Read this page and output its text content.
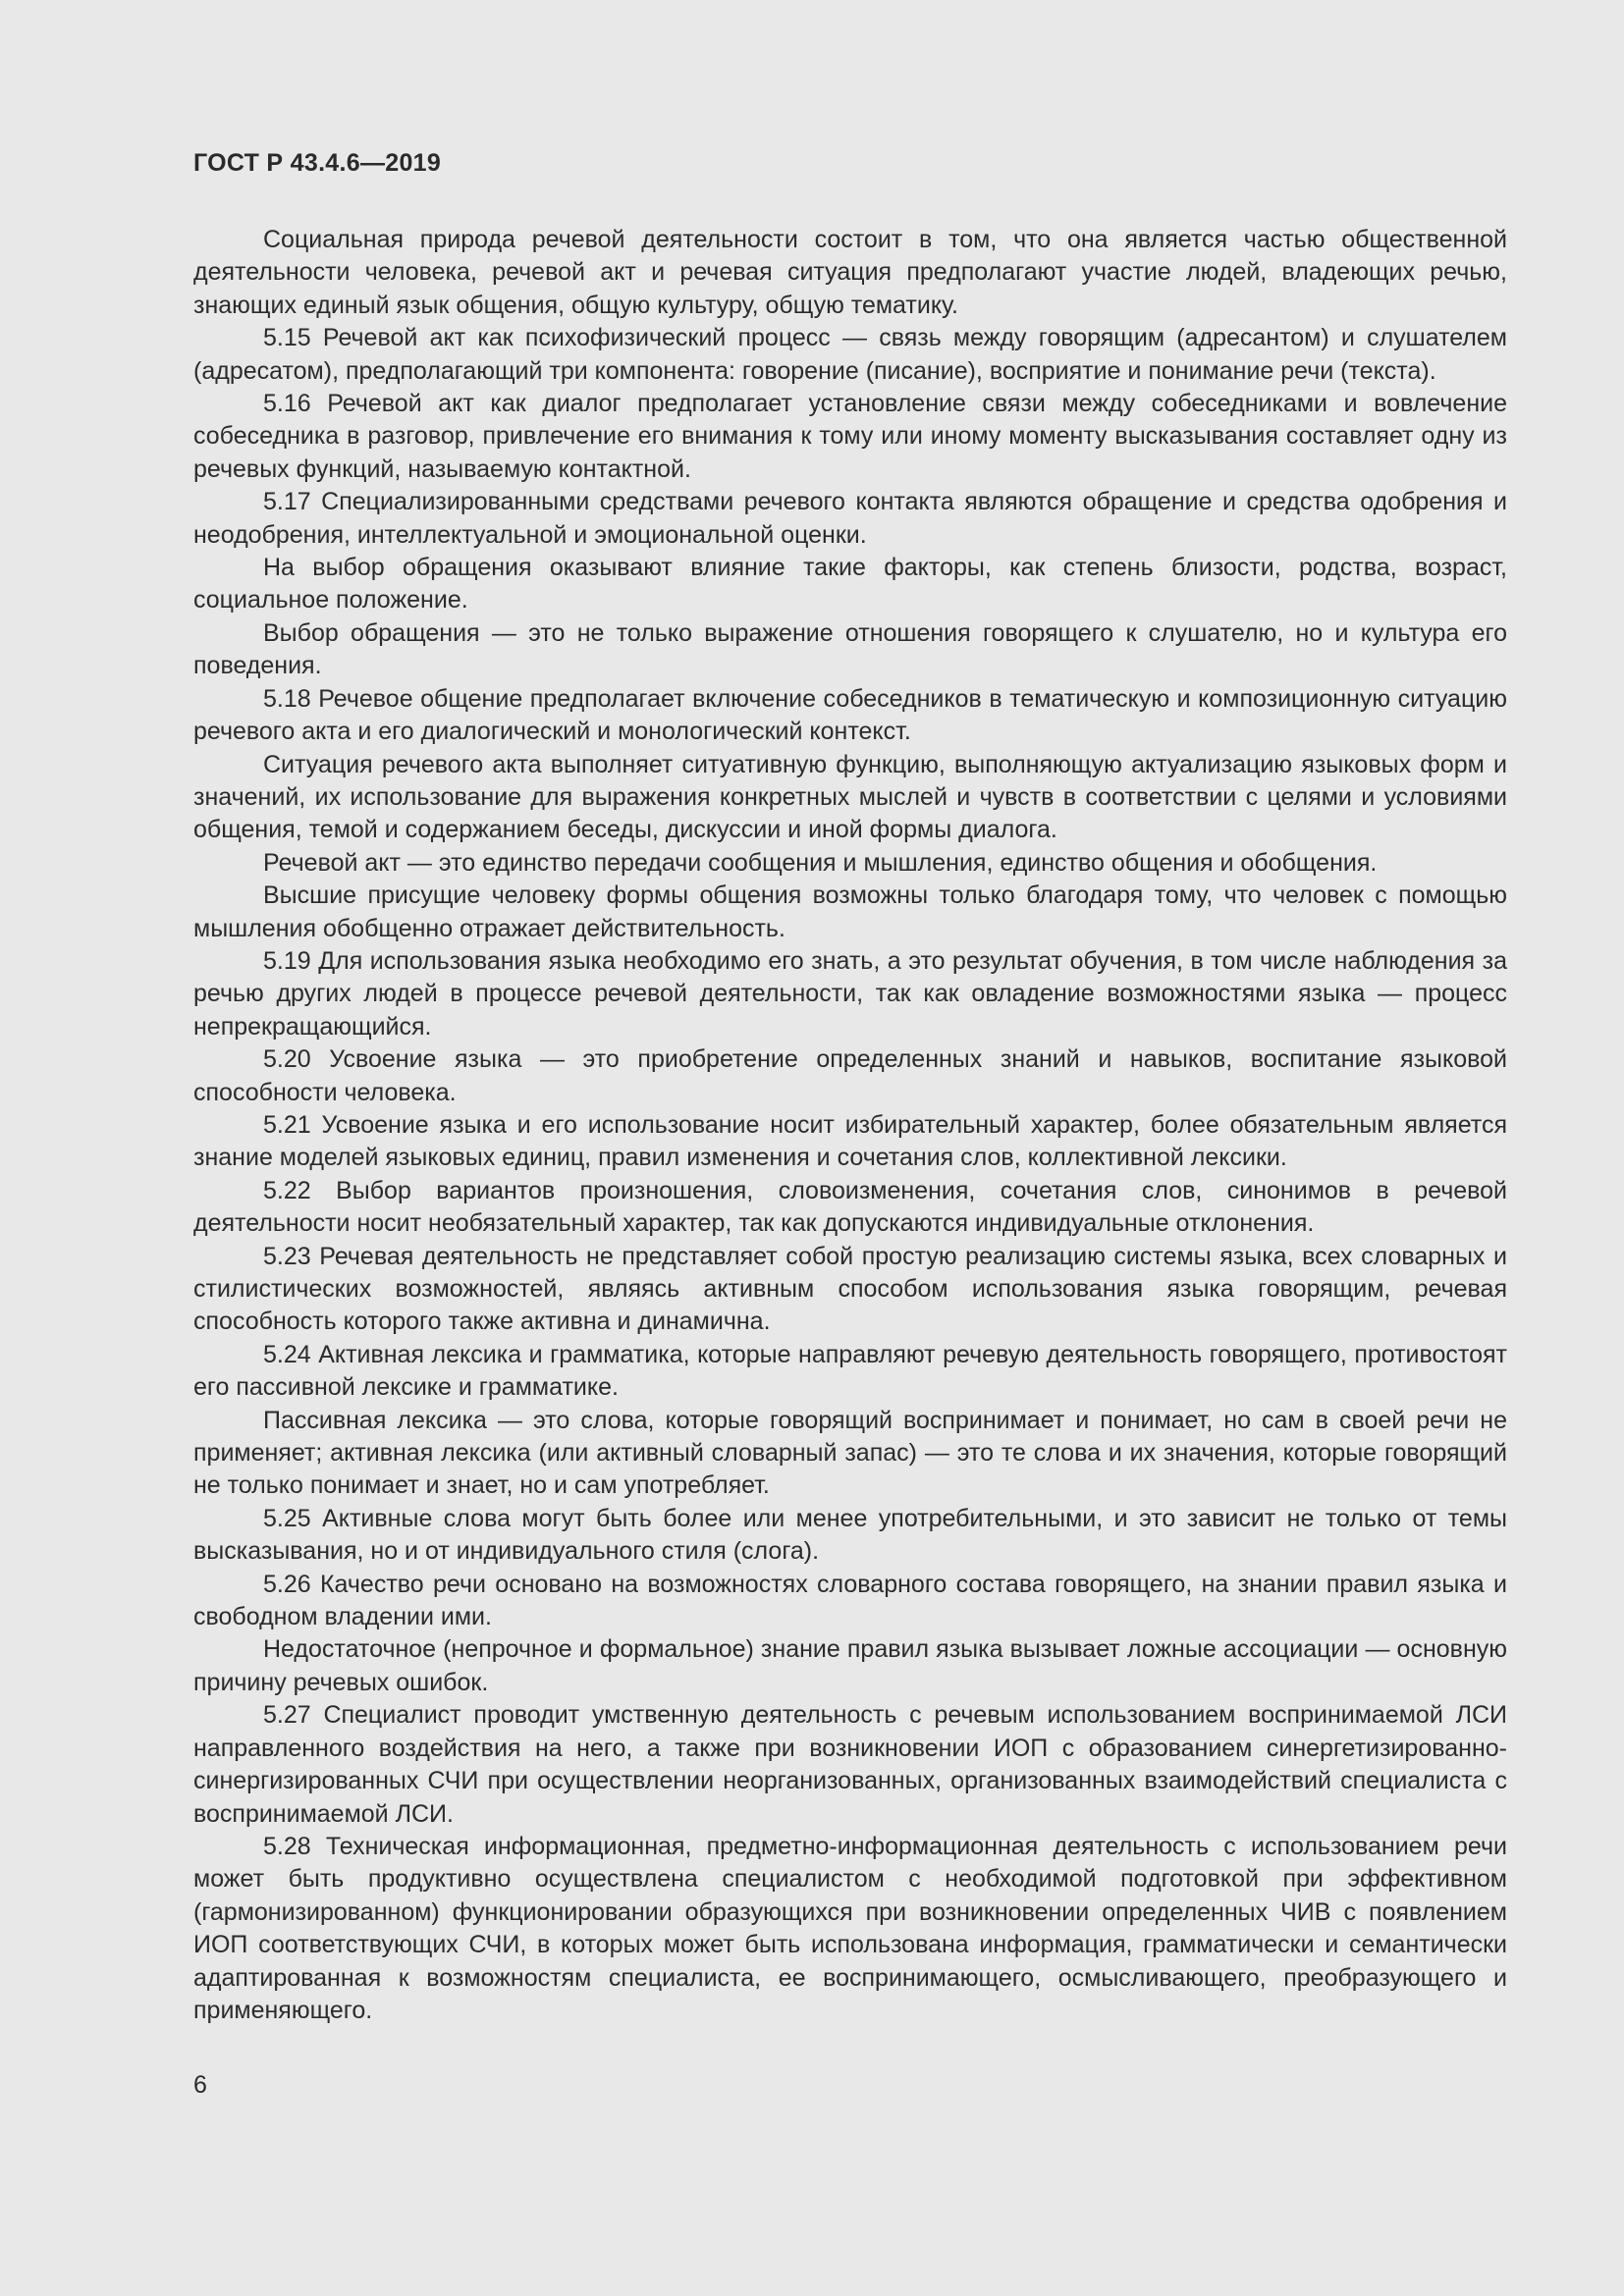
ГОСТ Р 43.4.6—2019

Социальная природа речевой деятельности состоит в том, что она является частью общественной деятельности человека, речевой акт и речевая ситуация предполагают участие людей, владеющих речью, знающих единый язык общения, общую культуру, общую тематику.

5.15 Речевой акт как психофизический процесс — связь между говорящим (адресантом) и слушателем (адресатом), предполагающий три компонента: говорение (писание), восприятие и понимание речи (текста).

5.16 Речевой акт как диалог предполагает установление связи между собеседниками и вовлечение собеседника в разговор, привлечение его внимания к тому или иному моменту высказывания составляет одну из речевых функций, называемую контактной.

5.17 Специализированными средствами речевого контакта являются обращение и средства одобрения и неодобрения, интеллектуальной и эмоциональной оценки.

На выбор обращения оказывают влияние такие факторы, как степень близости, родства, возраст, социальное положение.

Выбор обращения — это не только выражение отношения говорящего к слушателю, но и культура его поведения.

5.18 Речевое общение предполагает включение собеседников в тематическую и композиционную ситуацию речевого акта и его диалогический и монологический контекст.

Ситуация речевого акта выполняет ситуативную функцию, выполняющую актуализацию языковых форм и значений, их использование для выражения конкретных мыслей и чувств в соответствии с целями и условиями общения, темой и содержанием беседы, дискуссии и иной формы диалога.

Речевой акт — это единство передачи сообщения и мышления, единство общения и обобщения.

Высшие присущие человеку формы общения возможны только благодаря тому, что человек с помощью мышления обобщенно отражает действительность.

5.19 Для использования языка необходимо его знать, а это результат обучения, в том числе наблюдения за речью других людей в процессе речевой деятельности, так как овладение возможностями языка — процесс непрекращающийся.

5.20 Усвоение языка — это приобретение определенных знаний и навыков, воспитание языковой способности человека.

5.21 Усвоение языка и его использование носит избирательный характер, более обязательным является знание моделей языковых единиц, правил изменения и сочетания слов, коллективной лексики.

5.22 Выбор вариантов произношения, словоизменения, сочетания слов, синонимов в речевой деятельности носит необязательный характер, так как допускаются индивидуальные отклонения.

5.23 Речевая деятельность не представляет собой простую реализацию системы языка, всех словарных и стилистических возможностей, являясь активным способом использования языка говорящим, речевая способность которого также активна и динамична.

5.24 Активная лексика и грамматика, которые направляют речевую деятельность говорящего, противостоят его пассивной лексике и грамматике.

Пассивная лексика — это слова, которые говорящий воспринимает и понимает, но сам в своей речи не применяет; активная лексика (или активный словарный запас) — это те слова и их значения, которые говорящий не только понимает и знает, но и сам употребляет.

5.25 Активные слова могут быть более или менее употребительными, и это зависит не только от темы высказывания, но и от индивидуального стиля (слога).

5.26 Качество речи основано на возможностях словарного состава говорящего, на знании правил языка и свободном владении ими.

Недостаточное (непрочное и формальное) знание правил языка вызывает ложные ассоциации — основную причину речевых ошибок.

5.27 Специалист проводит умственную деятельность с речевым использованием воспринимаемой ЛСИ направленного воздействия на него, а также при возникновении ИОП с образованием синергетизированно-синергизированных СЧИ при осуществлении неорганизованных, организованных взаимодействий специалиста с воспринимаемой ЛСИ.

5.28 Техническая информационная, предметно-информационная деятельность с использованием речи может быть продуктивно осуществлена специалистом с необходимой подготовкой при эффективном (гармонизированном) функционировании образующихся при возникновении определенных ЧИВ с появлением ИОП соответствующих СЧИ, в которых может быть использована информация, грамматически и семантически адаптированная к возможностям специалиста, ее воспринимающего, осмысливающего, преобразующего и применяющего.

6
